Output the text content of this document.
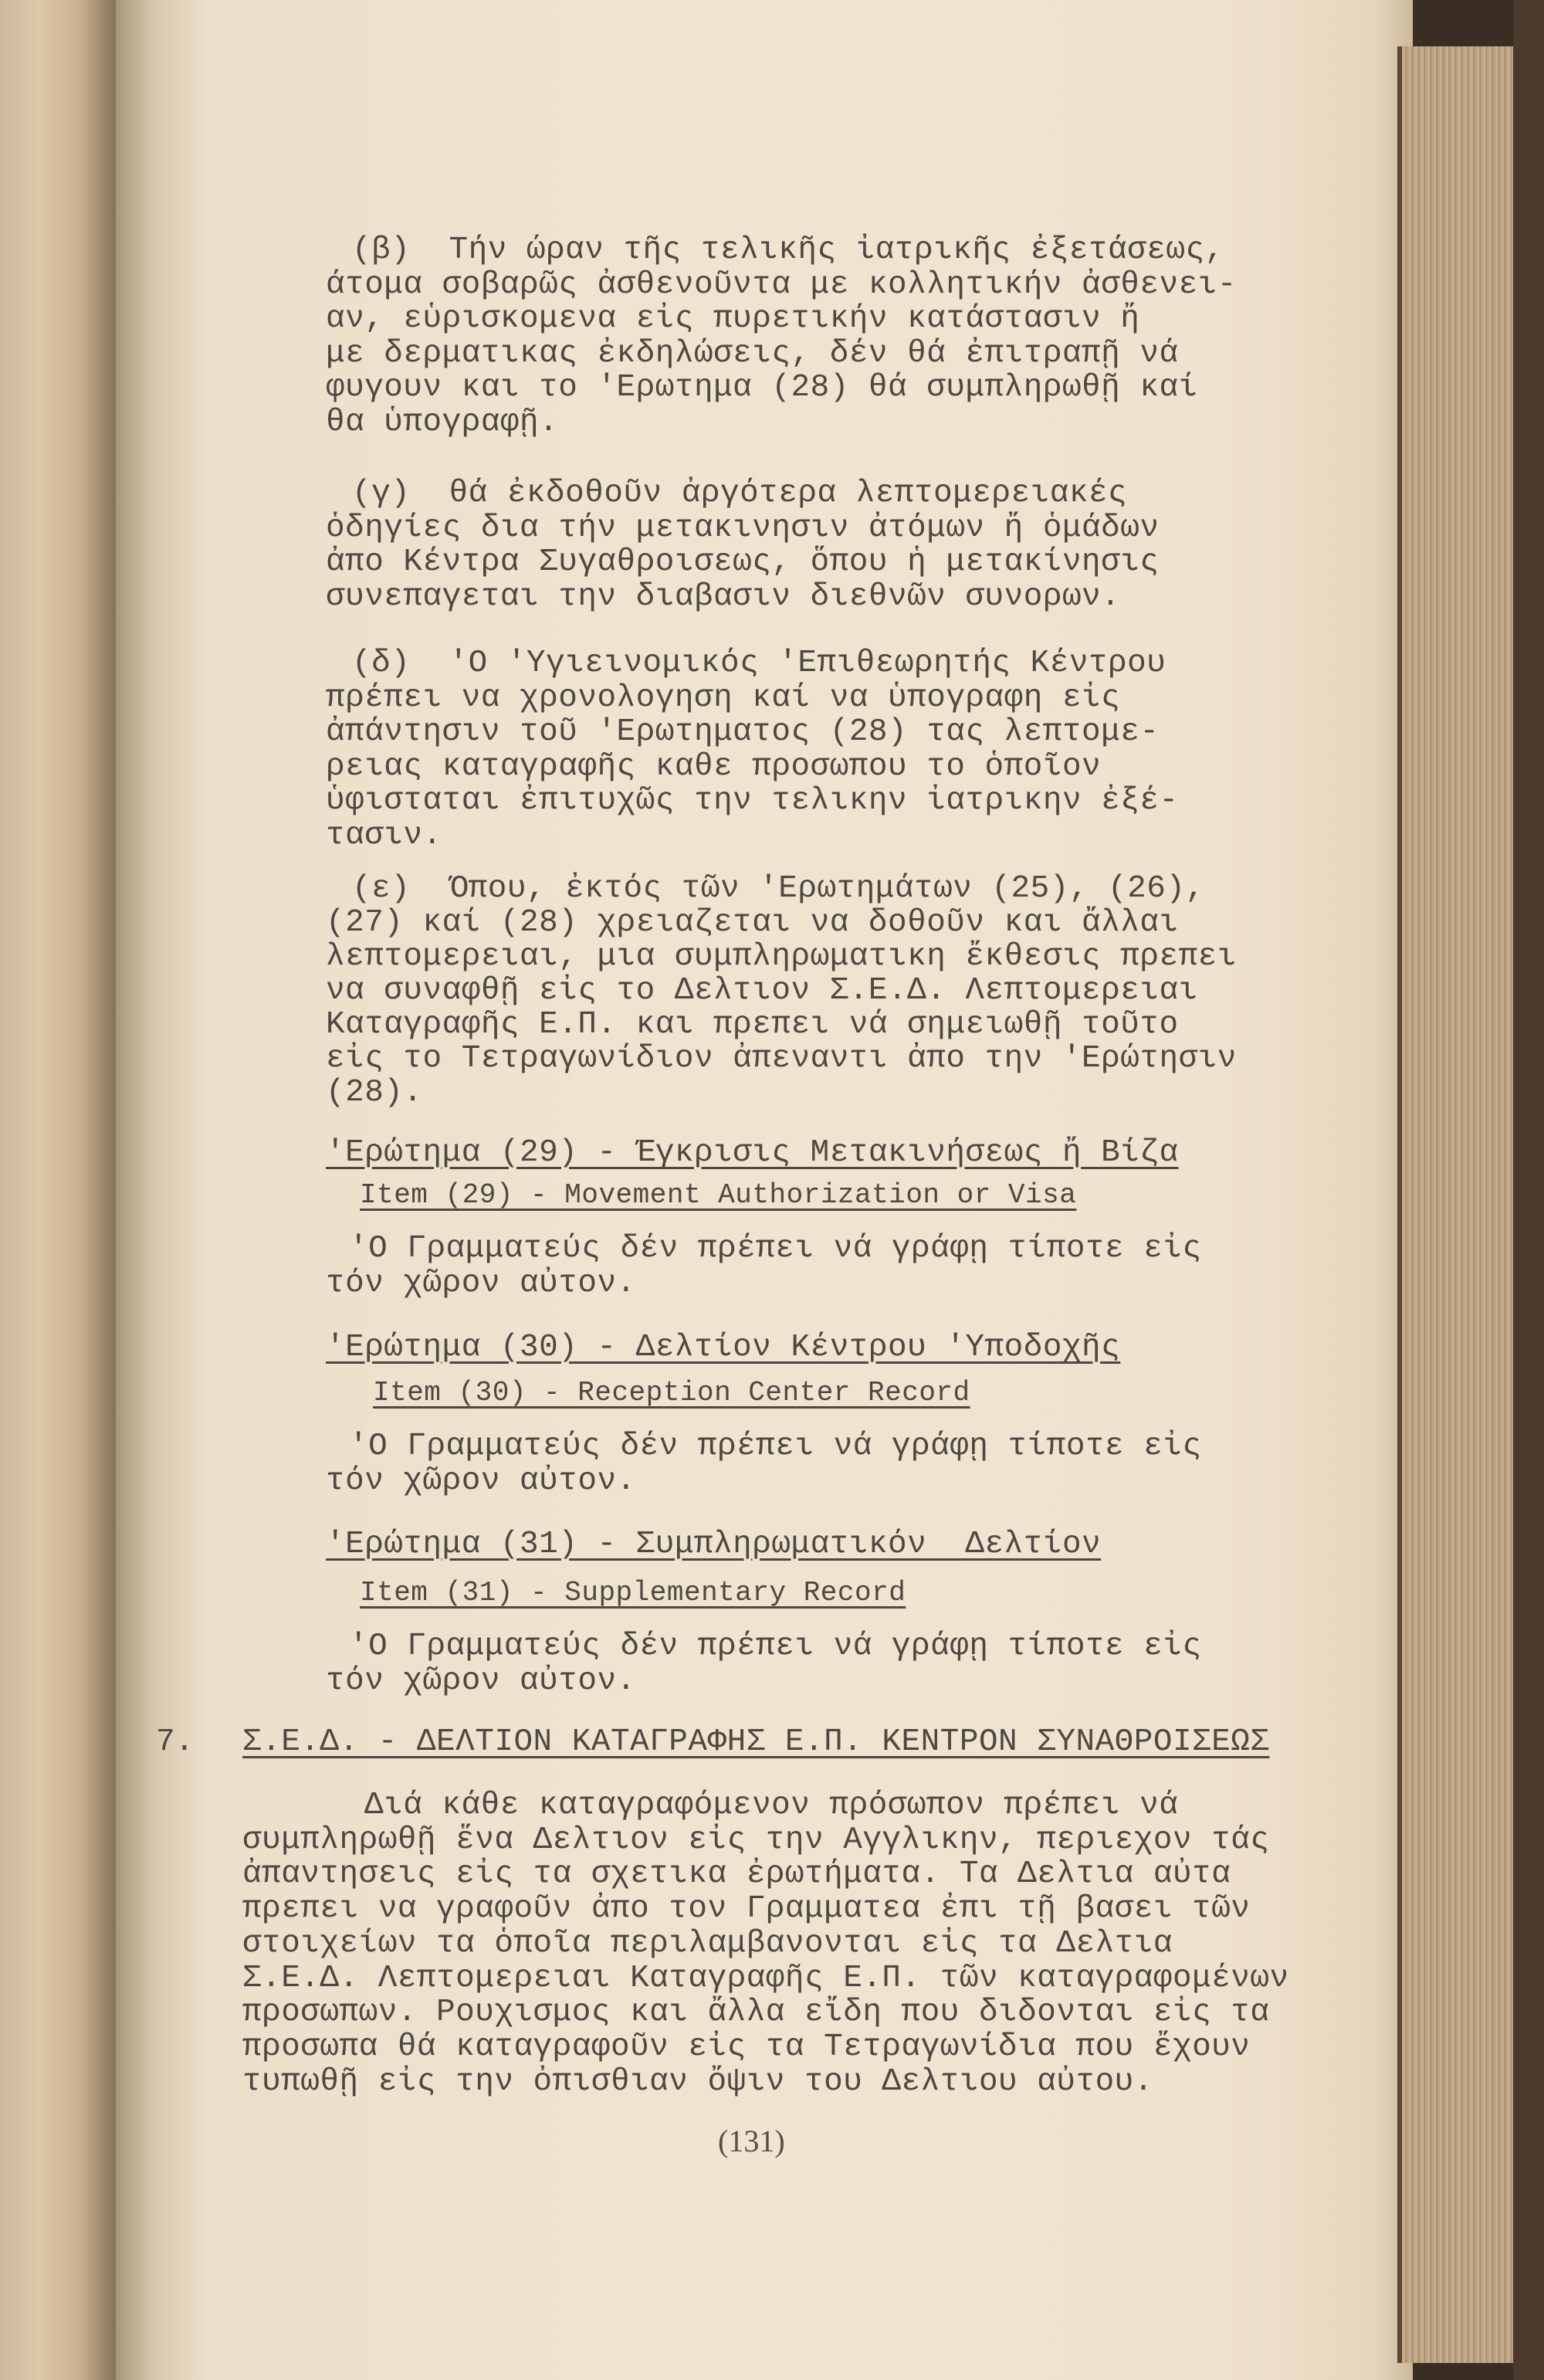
(β)  Τήν ώραν τῆς τελικῆς ἰατρικῆς ἐξετάσεως,
άτομα σοβαρῶς ἀσθενοῦντα με κολλητικήν ἀσθενει-
αν, εὑρισκομενα εἰς πυρετικήν κατάστασιν ἤ
με δερματικας ἐκδηλώσεις, δέν θά ἐπιτραπῇ νά
φυγουν και το 'Ερωτημα (28) θά συμπληρωθῇ καί
θα ὑπογραφῇ.
(γ)  θά ἐκδοθοῦν ἀργότερα λεπτομερειακές
ὁδηγίες δια τήν μετακινησιν ἀτόμων ἤ ὁμάδων
ἀπο Κέντρα Συγαθροισεως, ὅπου ἡ μετακίνησις
συνεπαγεται την διαβασιν διεθνῶν συνορων.
(δ)  'Ο 'Υγιεινομικός 'Επιθεωρητής Κέντρου
πρέπει να χρονολογηση καί να ὑπογραφη εἰς
ἀπάντησιν τοῦ 'Ερωτηματος (28) τας λεπτομε-
ρειας καταγραφῆς καθε προσωπου το ὁποῖον
ὑφισταται ἐπιτυχῶς την τελικην ἰατρικην ἐξέ-
τασιν.
(ε)  Όπου, ἐκτός τῶν 'Ερωτημάτων (25), (26),
(27) καί (28) χρειαζεται να δοθοῦν και ἄλλαι
λεπτομερειαι, μια συμπληρωματικη ἔκθεσις πρεπει
να συναφθῇ εἰς το Δελτιον Σ.Ε.Δ. Λεπτομερειαι
Καταγραφῆς Ε.Π. και πρεπει νά σημειωθῇ τοῦτο
εἰς το Τετραγωνίδιον ἀπεναντι ἀπο την 'Ερώτησιν
(28).
'Ερώτημα (29) - Έγκρισις Μετακινήσεως ἤ Βίζα
Item (29) - Movement Authorization or Visa
'Ο Γραμματεύς δέν πρέπει νά γράφῃ τίποτε εἰς
τόν χῶρον αὐτον.
'Ερώτημα (30) - Δελτίον Κέντρου 'Υποδοχῆς
Item (30) - Reception Center Record
'Ο Γραμματεύς δέν πρέπει νά γράφῃ τίποτε εἰς
τόν χῶρον αὐτον.
'Ερώτημα (31) - Συμπληρωματικόν  Δελτίον
Item (31) - Supplementary Record
'Ο Γραμματεύς δέν πρέπει νά γράφῃ τίποτε εἰς
τόν χῶρον αὐτον.
Σ.Ε.Δ. - ΔΕΛΤΙΟΝ ΚΑΤΑΓΡΑΦΗΣ Ε.Π. ΚΕΝΤΡΟΝ ΣΥΝΑΘΡΟΙΣΕΩΣ
Διά κάθε καταγραφόμενον πρόσωπον πρέπει νά
συμπληρωθῇ ἕνα Δελτιον εἰς την Αγγλικην, περιεχον τάς
ἀπαντησεις εἰς τα σχετικα ἐρωτήματα. Τα Δελτια αὐτα
πρεπει να γραφοῦν ἀπο τον Γραμματεα ἐπι τῇ βασει τῶν
στοιχείων τα ὁποῖα περιλαμβανονται εἰς τα Δελτια
Σ.Ε.Δ. Λεπτομερειαι Καταγραφῆς Ε.Π. τῶν καταγραφομένων
προσωπων. Ρουχισμος και ἄλλα εἴδη που διδονται εἰς τα
προσωπα θά καταγραφοῦν εἰς τα Τετραγωνίδια που ἔχουν
τυπωθῇ εἰς την ὀπισθιαν ὄψιν του Δελτιου αὐτου.
7.
(131)
